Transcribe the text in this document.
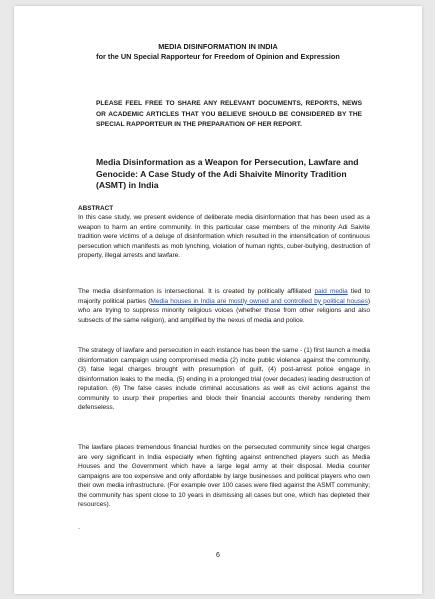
MEDIA DISINFORMATION IN INDIA
for the UN Special Rapporteur for Freedom of Opinion and Expression
PLEASE FEEL FREE TO SHARE ANY RELEVANT DOCUMENTS, REPORTS, NEWS OR ACADEMIC ARTICLES THAT YOU BELIEVE SHOULD BE CONSIDERED BY THE SPECIAL RAPPORTEUR IN THE PREPARATION OF HER REPORT.
Media Disinformation as a Weapon for Persecution, Lawfare and Genocide: A Case Study of the Adi Shaivite Minority Tradition (ASMT) in India
ABSTRACT

In this case study, we present evidence of deliberate media disinformation that has been used as a weapon to harm an entire community. In this particular case members of the minority Adi Saivite tradition were victims of a deluge of disinformation which resulted in the intensification of continuous persecution which manifests as mob lynching, violation of human rights, cuber-bullying, destruction of property, illegal arrests and lawfare.

The media disinformation is intersectional. It is created by politically affiliated paid media tied to majority political parties (Media houses in India are mostly owned and controlled by political houses) who are trying to suppress minority religious voices (whether those from other religions and also subsects of the same religion), and amplified by the nexus of media and police.

The strategy of lawfare and persecution in each instance has been the same - (1) first launch a media disinformation campaign using compromised media (2) incite public violence against the community, (3) false legal charges brought with presumption of guilt, (4) post-arrest police engage in disinformation leaks to the media, (5) ending in a prolonged trial (over decades) leading destruction of reputation. (6) The false cases include criminal accusations as well as civil actions against the community to usurp their properties and block their financial accounts thereby rendering them defenseless.

The lawfare places tremendous financial hurdles on the persecuted community since legal charges are very significant in India especially when fighting against entrenched players such as Media Houses and the Government which have a large legal army at their disposal. Media counter campaigns are too expensive and only affordable by large businesses and political players who own their own media infrastructure. (For example over 100 cases were filed against the ASMT community; the community has spent close to 10 years in dismissing all cases but one, which has depleted their resources).

.
6
